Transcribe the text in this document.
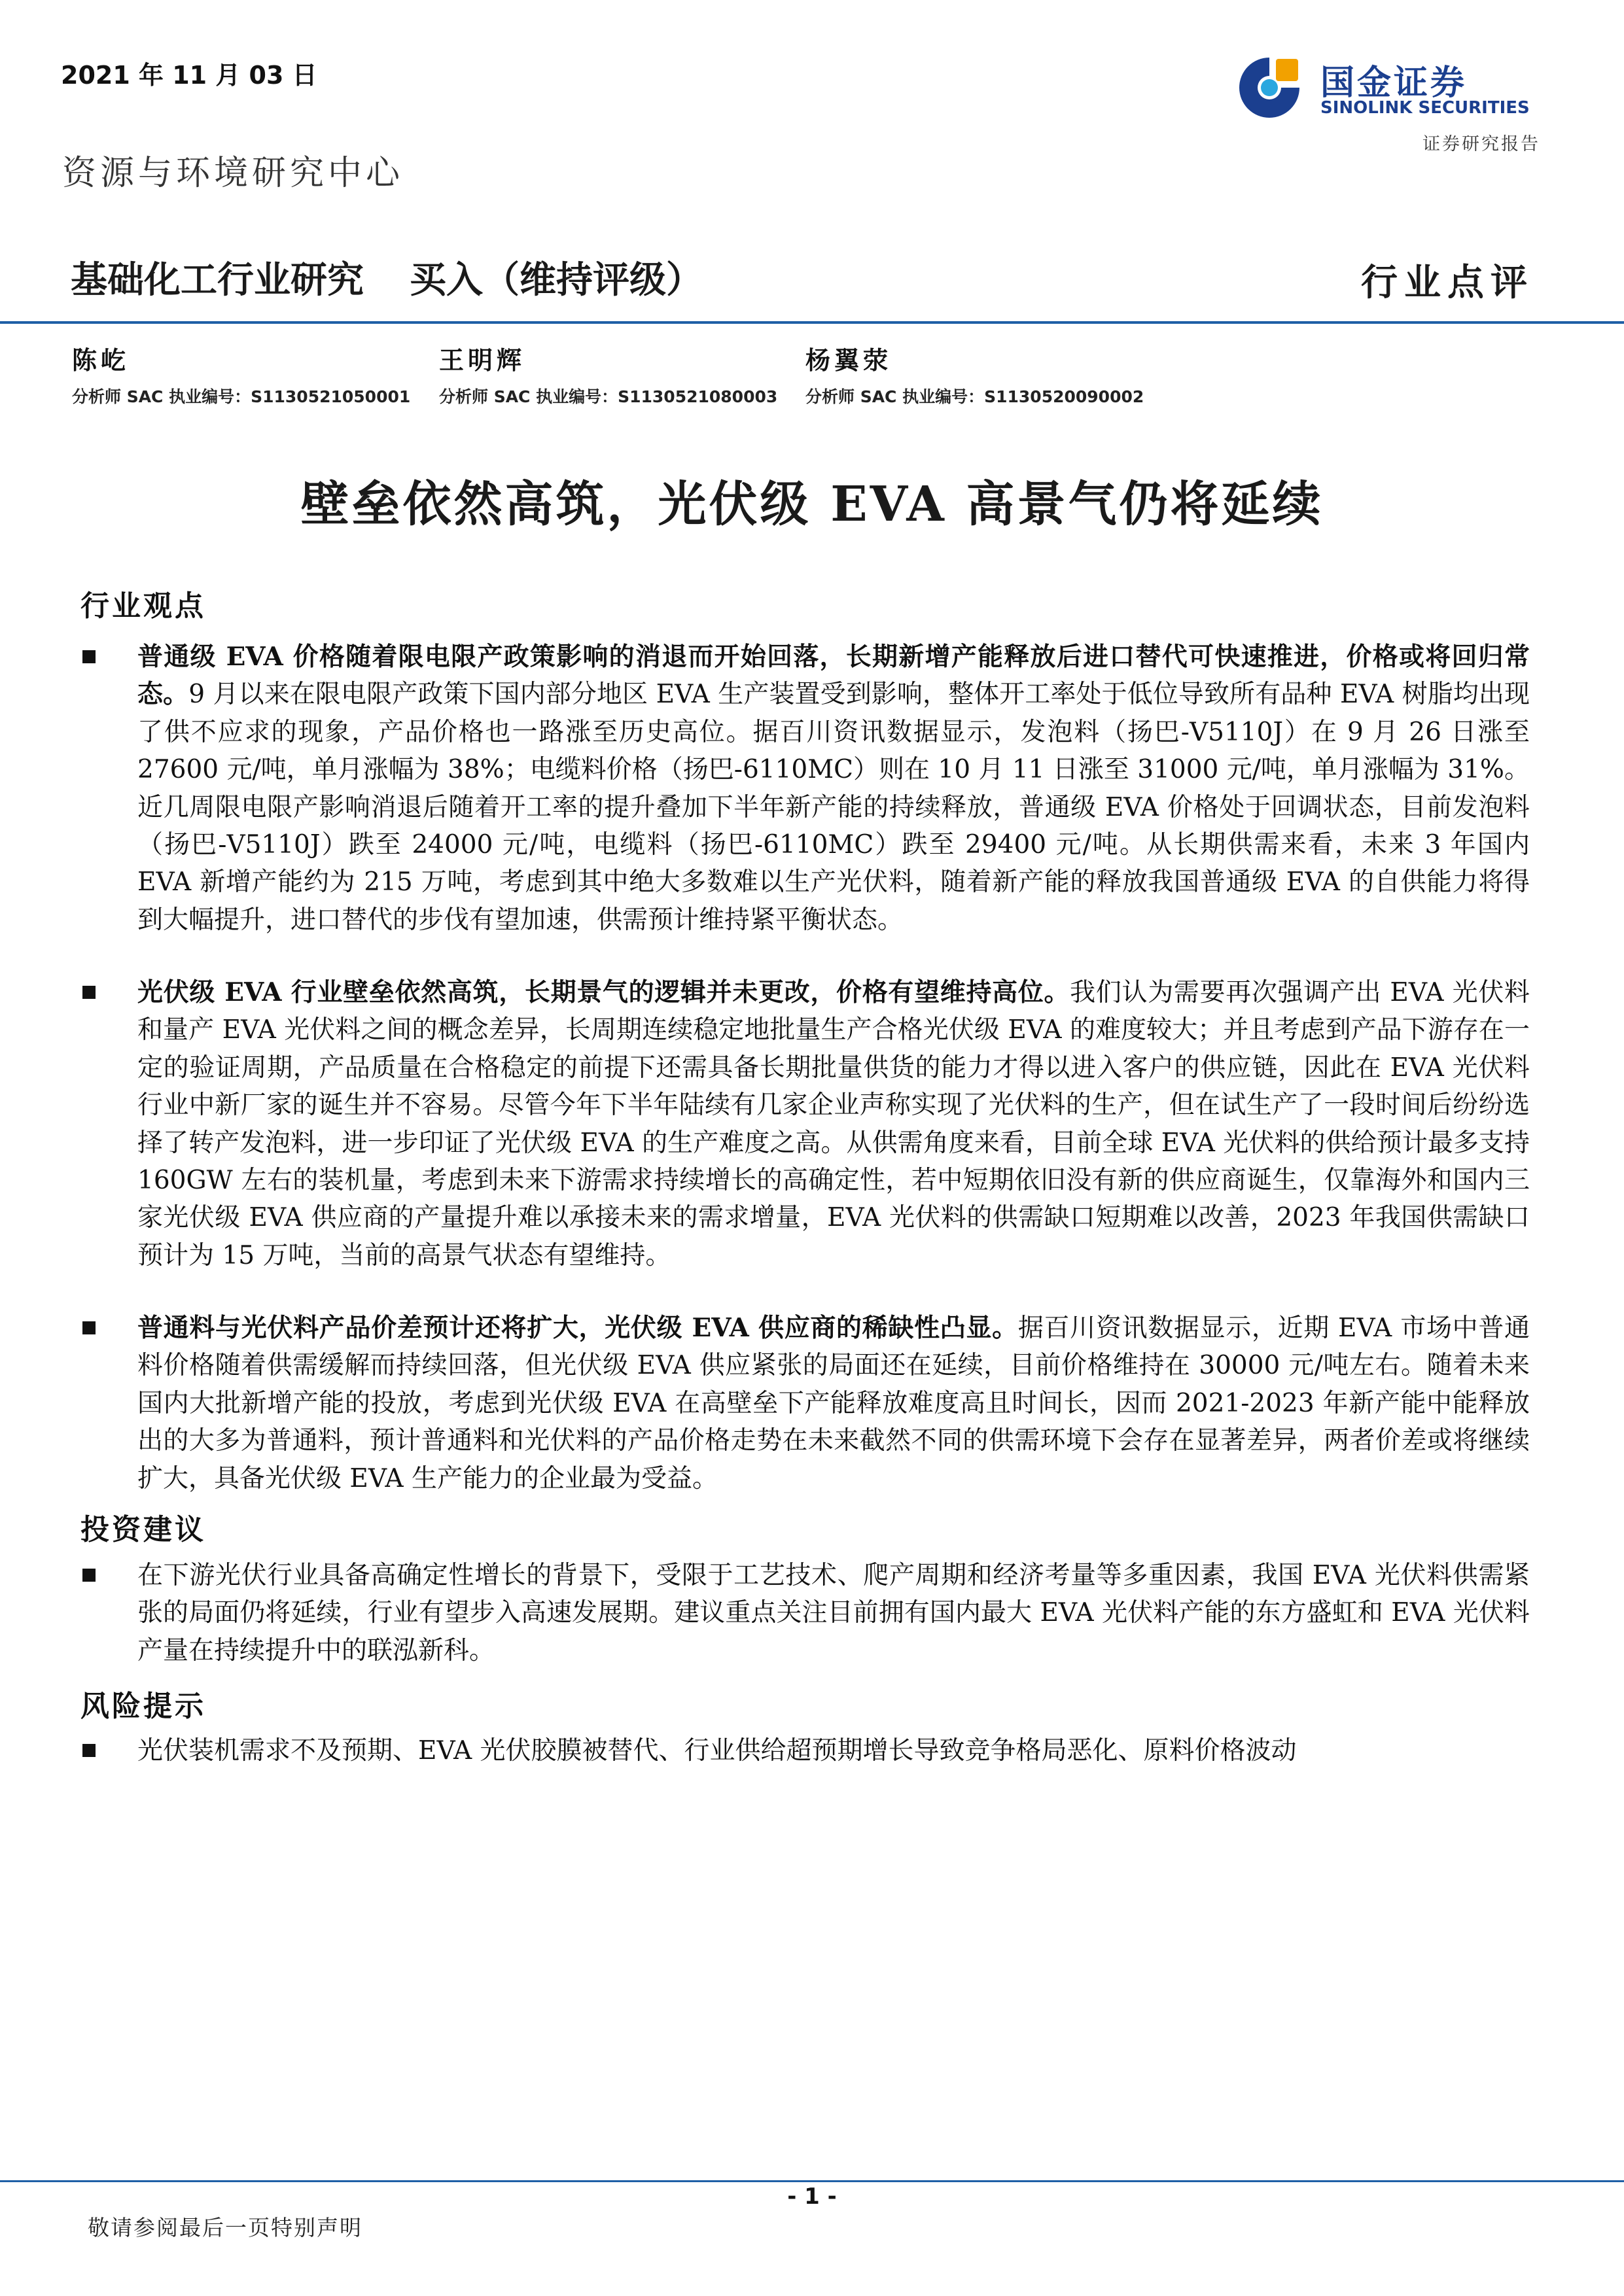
2021 年 11 月 03 日
资源与环境研究中心
国金证券
SINOLINK SECURITIES
证券研究报告
基础化工行业研究 买入（维持评级）	行业点评
陈屹
分析师 SAC 执业编号：S1130521050001
王明辉
分析师 SAC 执业编号：S1130521080003
杨翼荥
分析师 SAC 执业编号：S1130520090002
壁垒依然高筑，光伏级 EVA 高景气仍将延续
行业观点
普通级 EVA 价格随着限电限产政策影响的消退而开始回落，长期新增产能释放后进口替代可快速推进，价格或将回归常态。9 月以来在限电限产政策下国内部分地区 EVA 生产装置受到影响，整体开工率处于低位导致所有品种 EVA 树脂均出现了供不应求的现象，产品价格也一路涨至历史高位。据百川资讯数据显示，发泡料（扬巴-V5110J）在 9 月 26 日涨至 27600 元/吨，单月涨幅为 38%；电缆料价格（扬巴-6110MC）则在 10 月 11 日涨至 31000 元/吨，单月涨幅为 31%。近几周限电限产影响消退后随着开工率的提升叠加下半年新产能的持续释放，普通级 EVA 价格处于回调状态，目前发泡料（扬巴-V5110J）跌至 24000 元/吨，电缆料（扬巴-6110MC）跌至 29400 元/吨。从长期供需来看，未来 3 年国内 EVA 新增产能约为 215 万吨，考虑到其中绝大多数难以生产光伏料，随着新产能的释放我国普通级 EVA 的自供能力将得到大幅提升，进口替代的步伐有望加速，供需预计维持紧平衡状态。
光伏级 EVA 行业壁垒依然高筑，长期景气的逻辑并未更改，价格有望维持高位。我们认为需要再次强调产出 EVA 光伏料和量产 EVA 光伏料之间的概念差异，长周期连续稳定地批量生产合格光伏级 EVA 的难度较大；并且考虑到产品下游存在一定的验证周期，产品质量在合格稳定的前提下还需具备长期批量供货的能力才得以进入客户的供应链，因此在 EVA 光伏料行业中新厂家的诞生并不容易。尽管今年下半年陆续有几家企业声称实现了光伏料的生产，但在试生产了一段时间后纷纷选择了转产发泡料，进一步印证了光伏级 EVA 的生产难度之高。从供需角度来看，目前全球 EVA 光伏料的供给预计最多支持 160GW 左右的装机量，考虑到未来下游需求持续增长的高确定性，若中短期依旧没有新的供应商诞生，仅靠海外和国内三家光伏级 EVA 供应商的产量提升难以承接未来的需求增量，EVA 光伏料的供需缺口短期难以改善，2023 年我国供需缺口预计为 15 万吨，当前的高景气状态有望维持。
普通料与光伏料产品价差预计还将扩大，光伏级 EVA 供应商的稀缺性凸显。据百川资讯数据显示，近期 EVA 市场中普通料价格随着供需缓解而持续回落，但光伏级 EVA 供应紧张的局面还在延续，目前价格维持在 30000 元/吨左右。随着未来国内大批新增产能的投放，考虑到光伏级 EVA 在高壁垒下产能释放难度高且时间长，因而 2021-2023 年新产能中能释放出的大多为普通料，预计普通料和光伏料的产品价格走势在未来截然不同的供需环境下会存在显著差异，两者价差或将继续扩大，具备光伏级 EVA 生产能力的企业最为受益。
投资建议
在下游光伏行业具备高确定性增长的背景下，受限于工艺技术、爬产周期和经济考量等多重因素，我国 EVA 光伏料供需紧张的局面仍将延续，行业有望步入高速发展期。建议重点关注目前拥有国内最大 EVA 光伏料产能的东方盛虹和 EVA 光伏料产量在持续提升中的联泓新科。
风险提示
光伏装机需求不及预期、EVA 光伏胶膜被替代、行业供给超预期增长导致竞争格局恶化、原料价格波动
- 1 -
敬请参阅最后一页特别声明
